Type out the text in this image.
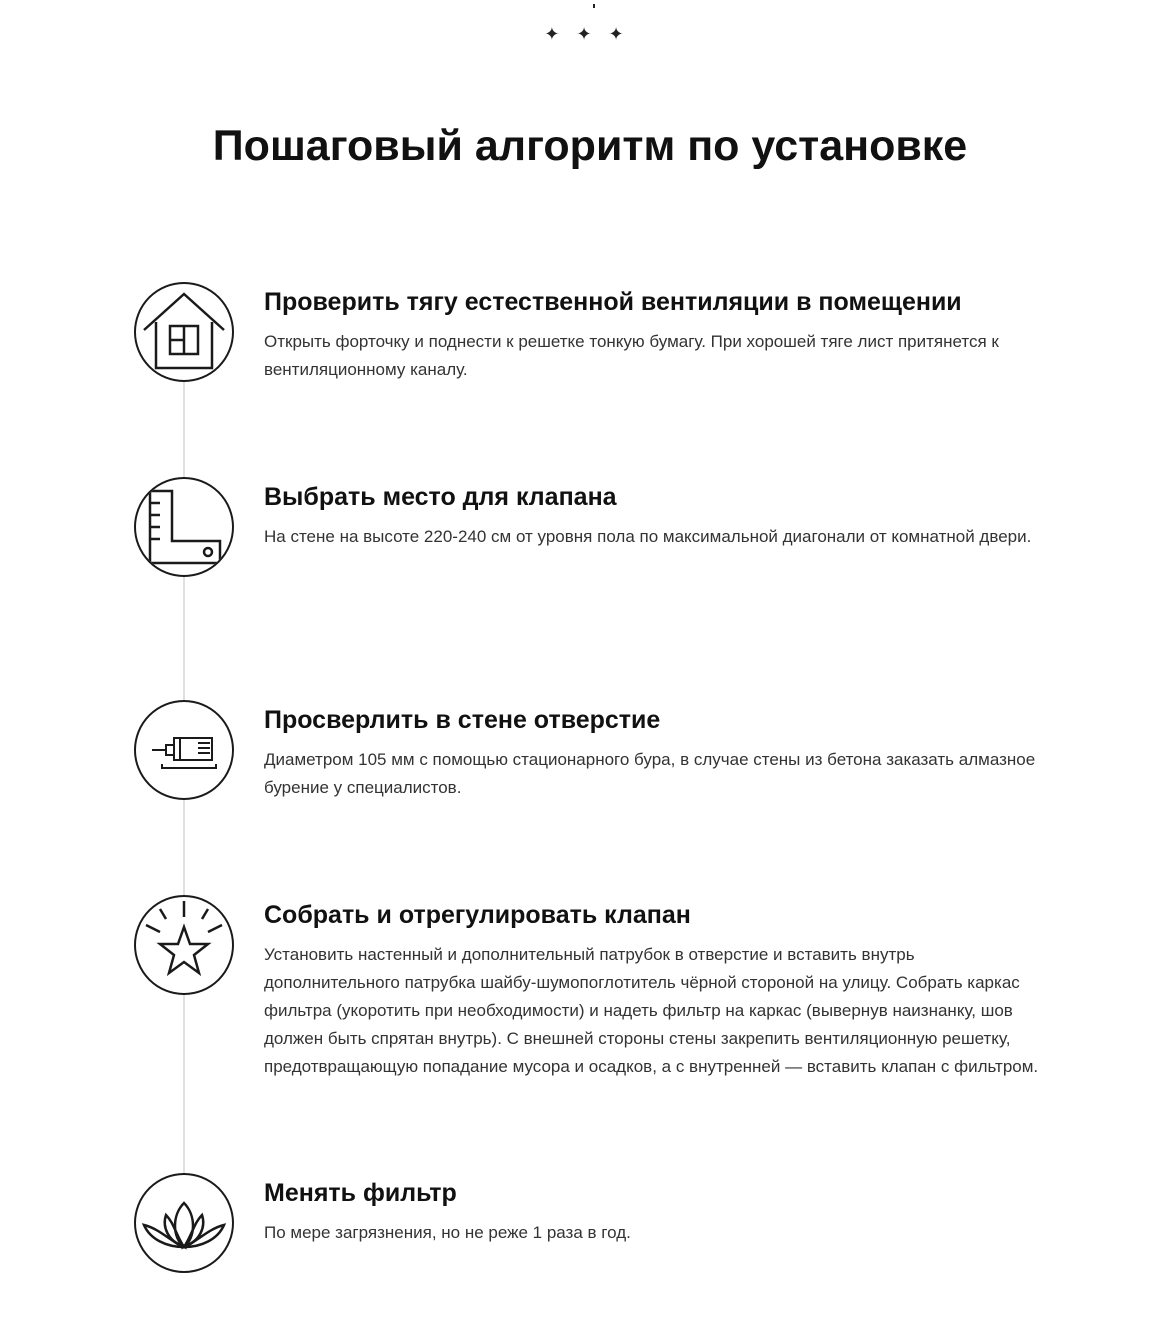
✦ ✦ ✦
Пошаговый алгоритм по установке
Проверить тягу естественной вентиляции в помещении

Открыть форточку и поднести к решетке тонкую бумагу. При хорошей тяге лист притянется к вентиляционному каналу.

Выбрать место для клапана

На стене на высоте 220-240 см от уровня пола по максимальной диагонали от комнатной двери.

Просверлить в стене отверстие

Диаметром 105 мм с помощью стационарного бура, в случае стены из бетона заказать алмазное бурение у специалистов.

Собрать и отрегулировать клапан

Установить настенный и дополнительный патрубок в отверстие и вставить внутрь дополнительного патрубка шайбу-шумопоглотитель чёрной стороной на улицу. Собрать каркас фильтра (укоротить при необходимости) и надеть фильтр на каркас (вывернув наизнанку, шов должен быть спрятан внутрь). С внешней стороны стены закрепить вентиляционную решетку, предотвращающую попадание мусора и осадков, а с внутренней — вставить клапан с фильтром.

Менять фильтр

По мере загрязнения, но не реже 1 раза в год.
